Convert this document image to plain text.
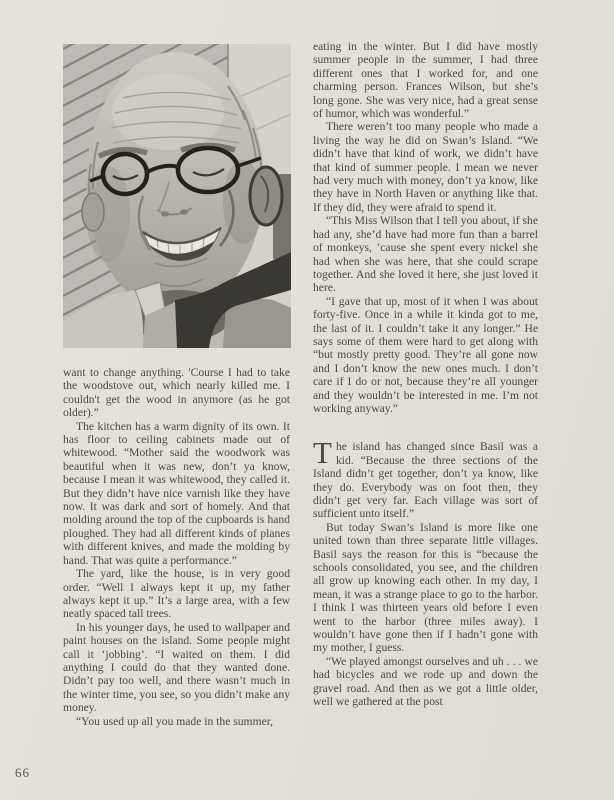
want to change anything. 'Course I had to take the woodstove out, which nearly killed me. I couldn't get the wood in anymore (as he got older).”

The kitchen has a warm dignity of its own. It has floor to ceiling cabinets made out of whitewood. “Mother said the woodwork was beautiful when it was new, don’t ya know, because I mean it was whitewood, they called it. But they didn’t have nice varnish like they have now. It was dark and sort of homely. And that molding around the top of the cupboards is hand ploughed. They had all different kinds of planes with different knives, and made the molding by hand. That was quite a performance.”

The yard, like the house, is in very good order. “Well I always kept it up, my father always kept it up.” It’s a large area, with a few neatly spaced tall trees.

In his younger days, he used to wallpaper and paint houses on the island. Some people might call it ‘jobbing’. “I waited on them. I did anything I could do that they wanted done. Didn’t pay too well, and there wasn’t much in the winter time, you see, so you didn’t make any money.

“You used up all you made in the summer,

eating in the winter. But I did have mostly summer people in the summer, I had three different ones that I worked for, and one charming person. Frances Wilson, but she’s long gone. She was very nice, had a great sense of humor, which was wonderful.”

There weren’t too many people who made a living the way he did on Swan’s Island. “We didn’t have that kind of work, we didn’t have that kind of summer people. I mean we never had very much with money, don’t ya know, like they have in North Haven or anything like that. If they did, they were afraid to spend it.

“This Miss Wilson that I tell you about, if she had any, she’d have had more fun than a barrel of monkeys, ’cause she spent every nickel she had when she was here, that she could scrape together. And she loved it here, she just loved it here.

“I gave that up, most of it when I was about forty-five. Once in a while it kinda got to me, the last of it. I couldn’t take it any longer.” He says some of them were hard to get along with “but mostly pretty good. They’re all gone now and I don’t know the new ones much. I don’t care if I do or not, because they’re all younger and they wouldn’t be interested in me. I’m not working anyway.”

The island has changed since Basil was a kid. “Because the three sections of the Island didn’t get together, don’t ya know, like they do. Everybody was on foot then, they didn’t get very far. Each village was sort of sufficient unto itself.”

But today Swan’s Island is more like one united town than three separate little villages. Basil says the reason for this is “because the schools consolidated, you see, and the children all grow up knowing each other. In my day, I mean, it was a strange place to go to the harbor. I think I was thirteen years old before I even went to the harbor (three miles away). I wouldn’t have gone then if I hadn’t gone with my mother, I guess.

“We played amongst ourselves and uh . . . we had bicycles and we rode up and down the gravel road. And then as we got a little older, well we gathered at the post

66
